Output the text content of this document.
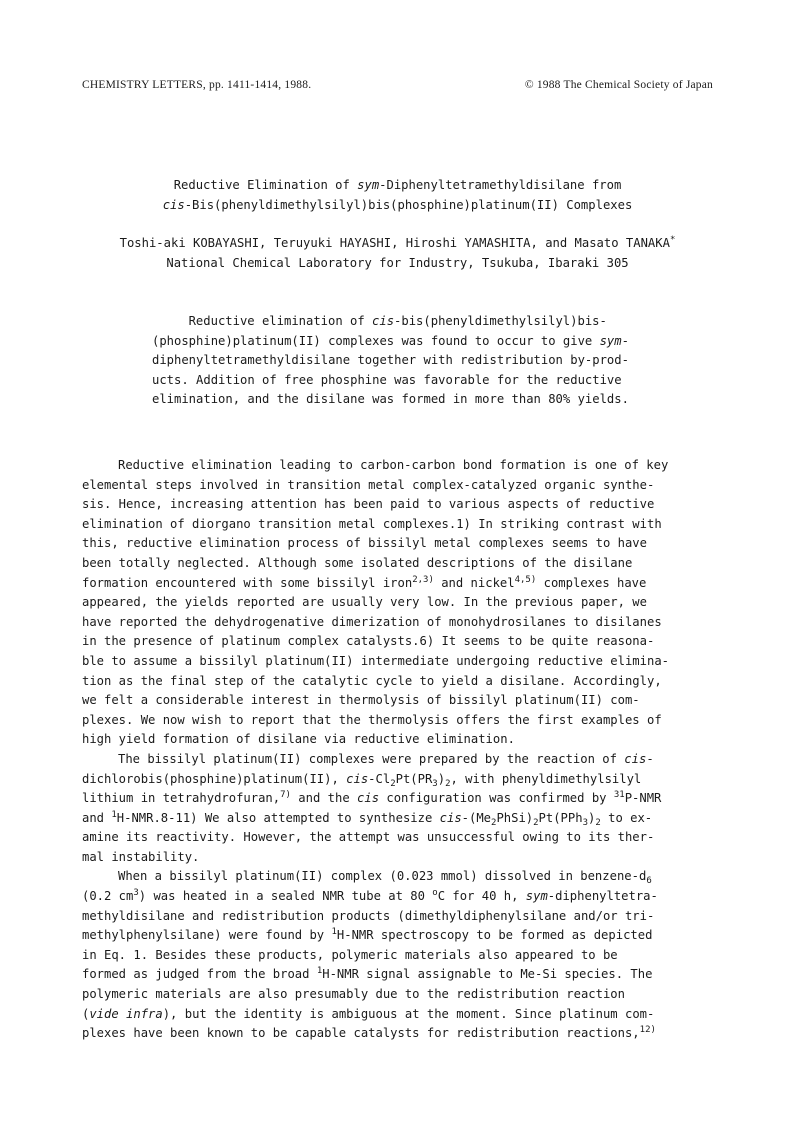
CHEMISTRY LETTERS, pp. 1411-1414, 1988.	© 1988 The Chemical Society of Japan
Reductive Elimination of sym-Diphenyltetramethyldisilane from
cis-Bis(phenyldimethylsilyl)bis(phosphine)platinum(II) Complexes
Toshi-aki KOBAYASHI, Teruyuki HAYASHI, Hiroshi YAMASHITA, and Masato TANAKA*
National Chemical Laboratory for Industry, Tsukuba, Ibaraki 305
Reductive elimination of cis-bis(phenyldimethylsilyl)bis-
(phosphine)platinum(II) complexes was found to occur to give sym-
diphenyltetramethyldisilane together with redistribution by-prod-
ucts. Addition of free phosphine was favorable for the reductive
elimination, and the disilane was formed in more than 80% yields.
Reductive elimination leading to carbon-carbon bond formation is one of key
elemental steps involved in transition metal complex-catalyzed organic synthe-
sis. Hence, increasing attention has been paid to various aspects of reductive
elimination of diorgano transition metal complexes.1) In striking contrast with
this, reductive elimination process of bissilyl metal complexes seems to have
been totally neglected. Although some isolated descriptions of the disilane
formation encountered with some bissilyl iron$^{2,3)}$ and nickel$^{4,5)}$ complexes have
appeared, the yields reported are usually very low. In the previous paper, we
have reported the dehydrogenative dimerization of monohydrosilanes to disilanes
in the presence of platinum complex catalysts.6) It seems to be quite reasona-
ble to assume a bissilyl platinum(II) intermediate undergoing reductive elimina-
tion as the final step of the catalytic cycle to yield a disilane. Accordingly,
we felt a considerable interest in thermolysis of bissilyl platinum(II) com-
plexes. We now wish to report that the thermolysis offers the first examples of
high yield formation of disilane via reductive elimination.
The bissilyl platinum(II) complexes were prepared by the reaction of cis-
dichlorobis(phosphine)platinum(II), cis-$Cl_2Pt(PR_3)_2$, with phenyldimethylsilyl
lithium in tetrahydrofuran,$^{7)}$ and the cis configuration was confirmed by $^{31}$P-NMR
and $^1$H-NMR.8-11) We also attempted to synthesize cis-$(Me_2PhSi)_2Pt(PPh_3)_2$ to ex-
amine its reactivity. However, the attempt was unsuccessful owing to its ther-
mal instability.
When a bissilyl platinum(II) complex (0.023 mmol) dissolved in benzene-$d_6$
(0.2 $cm^3$) was heated in a sealed NMR tube at 80 $^o$C for 40 h, sym-diphenyltetra-
methyldisilane and redistribution products (dimethyldiphenylsilane and/or tri-
methylphenylsilane) were found by $^1$H-NMR spectroscopy to be formed as depicted
in Eq. 1. Besides these products, polymeric materials also appeared to be
formed as judged from the broad $^1$H-NMR signal assignable to Me-Si species. The
polymeric materials are also presumably due to the redistribution reaction
(vide infra), but the identity is ambiguous at the moment. Since platinum com-
plexes have been known to be capable catalysts for redistribution reactions,$^{12)}$
